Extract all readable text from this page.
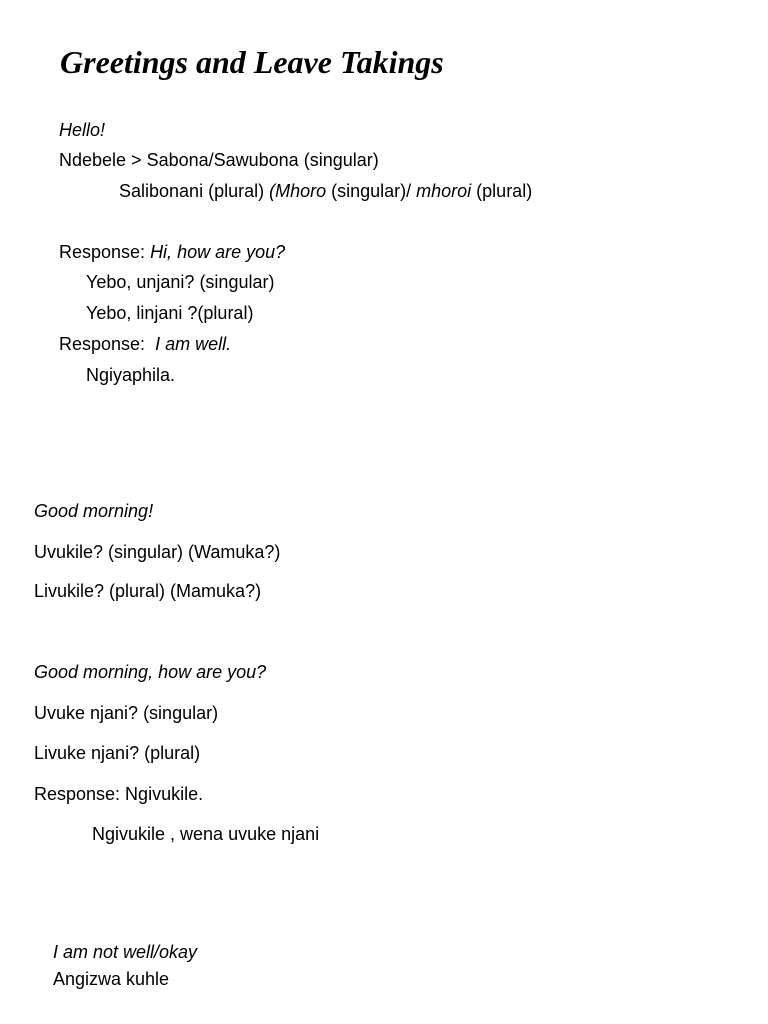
Greetings and Leave Takings
Hello!
Ndebele > Sabona/Sawubona (singular)
Salibonani (plural) (Mhoro (singular)/ mhoroi (plural)
Response: Hi, how are you?
Yebo, unjani? (singular)
Yebo, linjani ?(plural)
Response:  I am well.
Ngiyaphila.
Good morning!
Uvukile? (singular) (Wamuka?)
Livukile? (plural) (Mamuka?)
Good morning, how are you?
Uvuke njani? (singular)
Livuke njani? (plural)
Response: Ngivukile.
Ngivukile , wena uvuke njani
I am not well/okay
Angizwa kuhle
